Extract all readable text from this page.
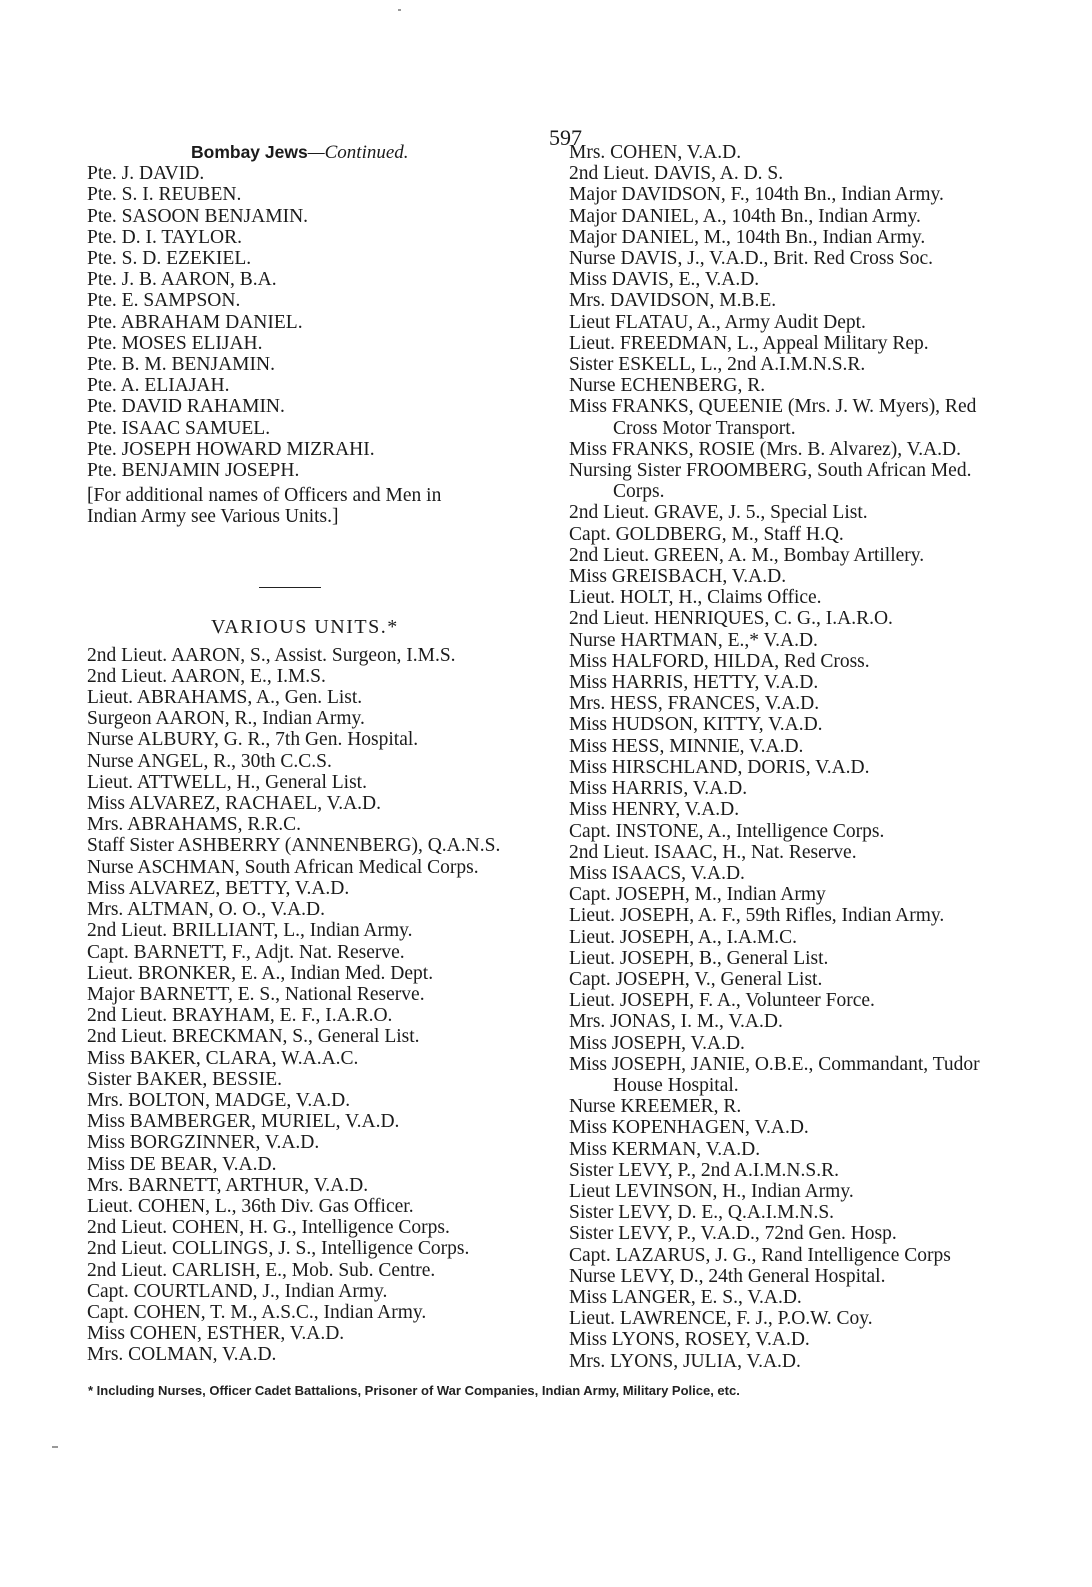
597
Bombay Jews—Continued.
Pte. J. DAVID.
Pte. S. I. REUBEN.
Pte. SASOON BENJAMIN.
Pte. D. I. TAYLOR.
Pte. S. D. EZEKIEL.
Pte. J. B. AARON, B.A.
Pte. E. SAMPSON.
Pte. ABRAHAM DANIEL.
Pte. MOSES ELIJAH.
Pte. B. M. BENJAMIN.
Pte. A. ELIAJAH.
Pte. DAVID RAHAMIN.
Pte. ISAAC SAMUEL.
Pte. JOSEPH HOWARD MIZRAHI.
Pte. BENJAMIN JOSEPH.
[For additional names of Officers and Men in
Indian Army see Various Units.]
VARIOUS UNITS.*
2nd Lieut. AARON, S., Assist. Surgeon, I.M.S.
2nd Lieut. AARON, E., I.M.S.
Lieut. ABRAHAMS, A., Gen. List.
Surgeon AARON, R., Indian Army.
Nurse ALBURY, G. R., 7th Gen. Hospital.
Nurse ANGEL, R., 30th C.C.S.
Lieut. ATTWELL, H., General List.
Miss ALVAREZ, RACHAEL, V.A.D.
Mrs. ABRAHAMS, R.R.C.
Staff Sister ASHBERRY (ANNENBERG), Q.A.N.S.
Nurse ASCHMAN, South African Medical Corps.
Miss ALVAREZ, BETTY, V.A.D.
Mrs. ALTMAN, O. O., V.A.D.
2nd Lieut. BRILLIANT, L., Indian Army.
Capt. BARNETT, F., Adjt. Nat. Reserve.
Lieut. BRONKER, E. A., Indian Med. Dept.
Major BARNETT, E. S., National Reserve.
2nd Lieut. BRAYHAM, E. F., I.A.R.O.
2nd Lieut. BRECKMAN, S., General List.
Miss BAKER, CLARA, W.A.A.C.
Sister BAKER, BESSIE.
Mrs. BOLTON, MADGE, V.A.D.
Miss BAMBERGER, MURIEL, V.A.D.
Miss BORGZINNER, V.A.D.
Miss DE BEAR, V.A.D.
Mrs. BARNETT, ARTHUR, V.A.D.
Lieut. COHEN, L., 36th Div. Gas Officer.
2nd Lieut. COHEN, H. G., Intelligence Corps.
2nd Lieut. COLLINGS, J. S., Intelligence Corps.
2nd Lieut. CARLISH, E., Mob. Sub. Centre.
Capt. COURTLAND, J., Indian Army.
Capt. COHEN, T. M., A.S.C., Indian Army.
Miss COHEN, ESTHER, V.A.D.
Mrs. COLMAN, V.A.D.
Mrs. COHEN, V.A.D.
2nd Lieut. DAVIS, A. D. S.
Major DAVIDSON, F., 104th Bn., Indian Army.
Major DANIEL, A., 104th Bn., Indian Army.
Major DANIEL, M., 104th Bn., Indian Army.
Nurse DAVIS, J., V.A.D., Brit. Red Cross Soc.
Miss DAVIS, E., V.A.D.
Mrs. DAVIDSON, M.B.E.
Lieut FLATAU, A., Army Audit Dept.
Lieut. FREEDMAN, L., Appeal Military Rep.
Sister ESKELL, L., 2nd A.I.M.N.S.R.
Nurse ECHENBERG, R.
Miss FRANKS, QUEENIE (Mrs. J. W. Myers), Red
Cross Motor Transport.
Miss FRANKS, ROSIE (Mrs. B. Alvarez), V.A.D.
Nursing Sister FROOMBERG, South African Med.
Corps.
2nd Lieut. GRAVE, J. 5., Special List.
Capt. GOLDBERG, M., Staff H.Q.
2nd Lieut. GREEN, A. M., Bombay Artillery.
Miss GREISBACH, V.A.D.
Lieut. HOLT, H., Claims Office.
2nd Lieut. HENRIQUES, C. G., I.A.R.O.
Nurse HARTMAN, E.,* V.A.D.
Miss HALFORD, HILDA, Red Cross.
Miss HARRIS, HETTY, V.A.D.
Mrs. HESS, FRANCES, V.A.D.
Miss HUDSON, KITTY, V.A.D.
Miss HESS, MINNIE, V.A.D.
Miss HIRSCHLAND, DORIS, V.A.D.
Miss HARRIS, V.A.D.
Miss HENRY, V.A.D.
Capt. INSTONE, A., Intelligence Corps.
2nd Lieut. ISAAC, H., Nat. Reserve.
Miss ISAACS, V.A.D.
Capt. JOSEPH, M., Indian Army
Lieut. JOSEPH, A. F., 59th Rifles, Indian Army.
Lieut. JOSEPH, A., I.A.M.C.
Lieut. JOSEPH, B., General List.
Capt. JOSEPH, V., General List.
Lieut. JOSEPH, F. A., Volunteer Force.
Mrs. JONAS, I. M., V.A.D.
Miss JOSEPH, V.A.D.
Miss JOSEPH, JANIE, O.B.E., Commandant, Tudor
House Hospital.
Nurse KREEMER, R.
Miss KOPENHAGEN, V.A.D.
Miss KERMAN, V.A.D.
Sister LEVY, P., 2nd A.I.M.N.S.R.
Lieut LEVINSON, H., Indian Army.
Sister LEVY, D. E., Q.A.I.M.N.S.
Sister LEVY, P., V.A.D., 72nd Gen. Hosp.
Capt. LAZARUS, J. G., Rand Intelligence Corps
Nurse LEVY, D., 24th General Hospital.
Miss LANGER, E. S., V.A.D.
Lieut. LAWRENCE, F. J., P.O.W. Coy.
Miss LYONS, ROSEY, V.A.D.
Mrs. LYONS, JULIA, V.A.D.
* Including Nurses, Officer Cadet Battalions, Prisoner of War Companies, Indian Army, Military Police, etc.
